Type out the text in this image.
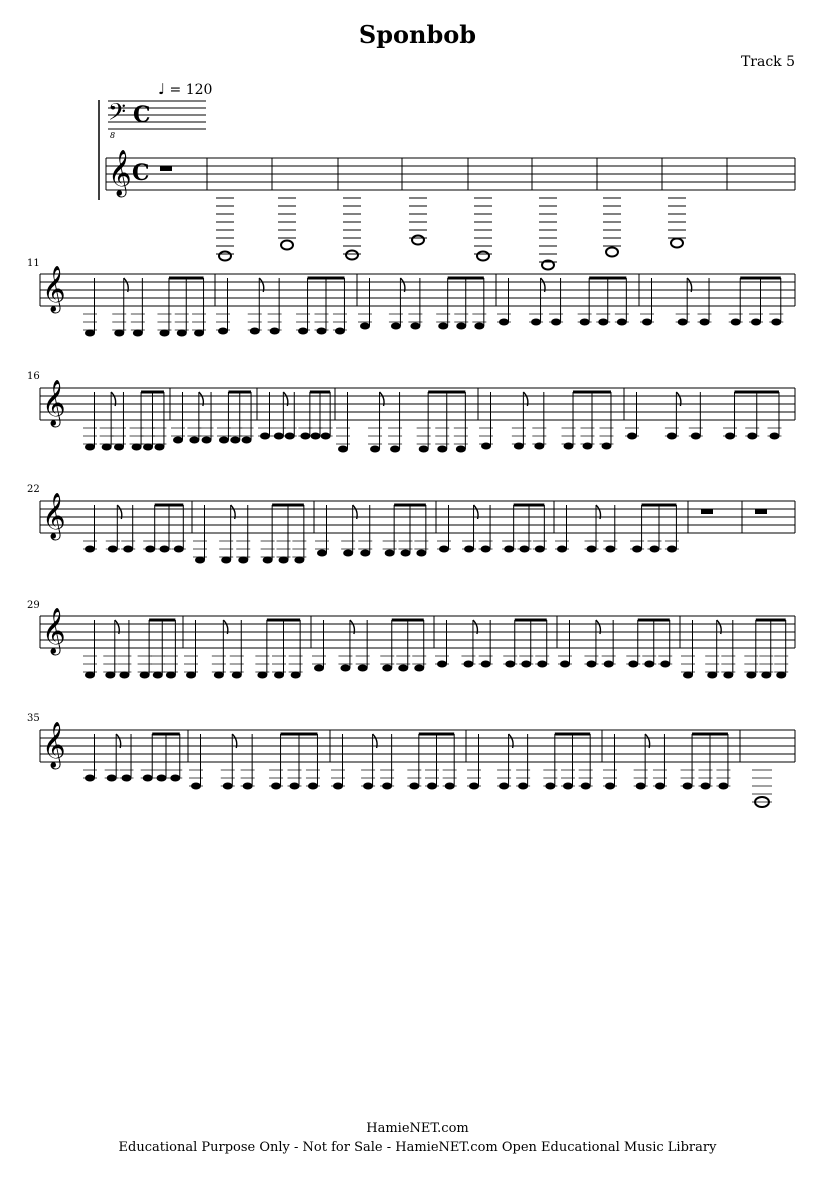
Sponbob
Track 5
♩ = 120
11
16
22
29
35
𝄢
8
C
𝄞 C
𝄞
𝄞
𝄞
𝄞
𝄞
HamieNET.com
Educational Purpose Only - Not for Sale - HamieNET.com Open Educational Music Library
